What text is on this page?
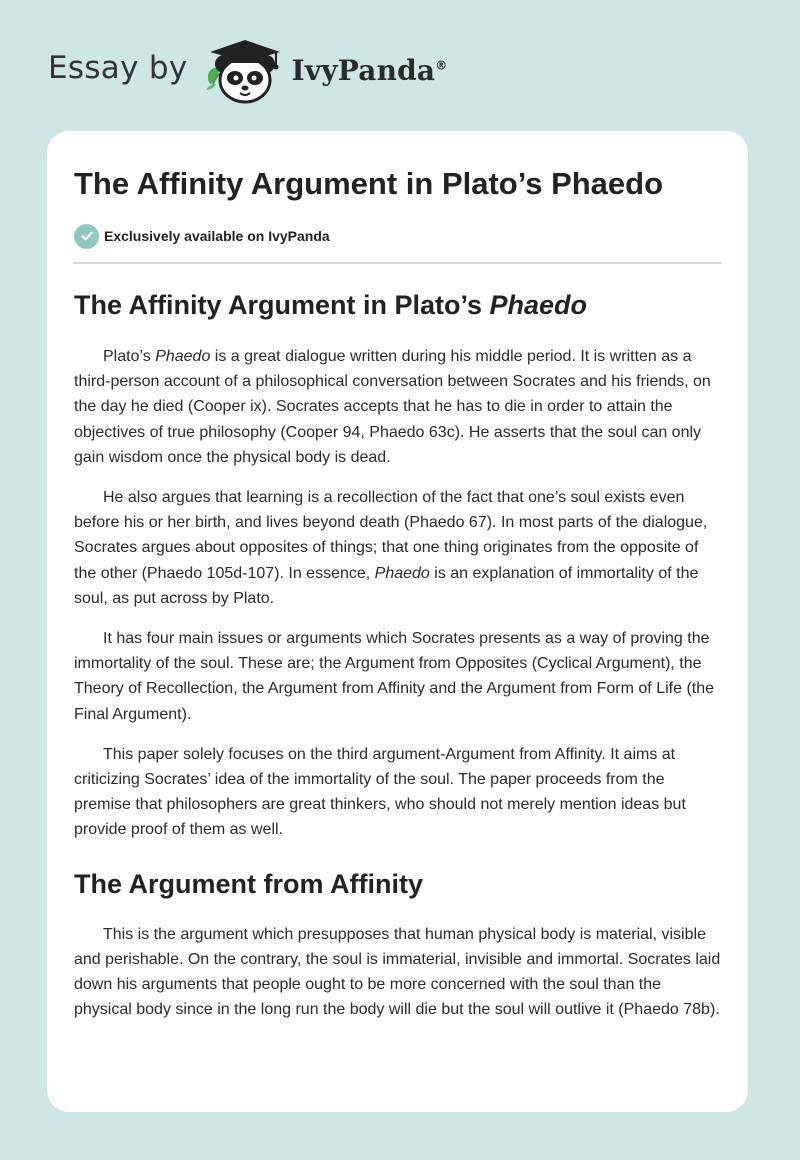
Essay by	IvyPanda®
The Affinity Argument in Plato’s Phaedo
Exclusively available on IvyPanda
The Affinity Argument in Plato’s Phaedo

Plato’s Phaedo is a great dialogue written during his middle period. It is written as a third-person account of a philosophical conversation between Socrates and his friends, on the day he died (Cooper ix). Socrates accepts that he has to die in order to attain the objectives of true philosophy (Cooper 94, Phaedo 63c). He asserts that the soul can only gain wisdom once the physical body is dead.

He also argues that learning is a recollection of the fact that one’s soul exists even before his or her birth, and lives beyond death (Phaedo 67). In most parts of the dialogue, Socrates argues about opposites of things; that one thing originates from the opposite of the other (Phaedo 105d-107). In essence, Phaedo is an explanation of immortality of the soul, as put across by Plato.

It has four main issues or arguments which Socrates presents as a way of proving the immortality of the soul. These are; the Argument from Opposites (Cyclical Argument), the Theory of Recollection, the Argument from Affinity and the Argument from Form of Life (the Final Argument).

This paper solely focuses on the third argument-Argument from Affinity. It aims at criticizing Socrates’ idea of the immortality of the soul. The paper proceeds from the premise that philosophers are great thinkers, who should not merely mention ideas but provide proof of them as well.

The Argument from Affinity

This is the argument which presupposes that human physical body is material, visible and perishable. On the contrary, the soul is immaterial, invisible and immortal. Socrates laid down his arguments that people ought to be more concerned with the soul than the physical body since in the long run the body will die but the soul will outlive it (Phaedo 78b).
